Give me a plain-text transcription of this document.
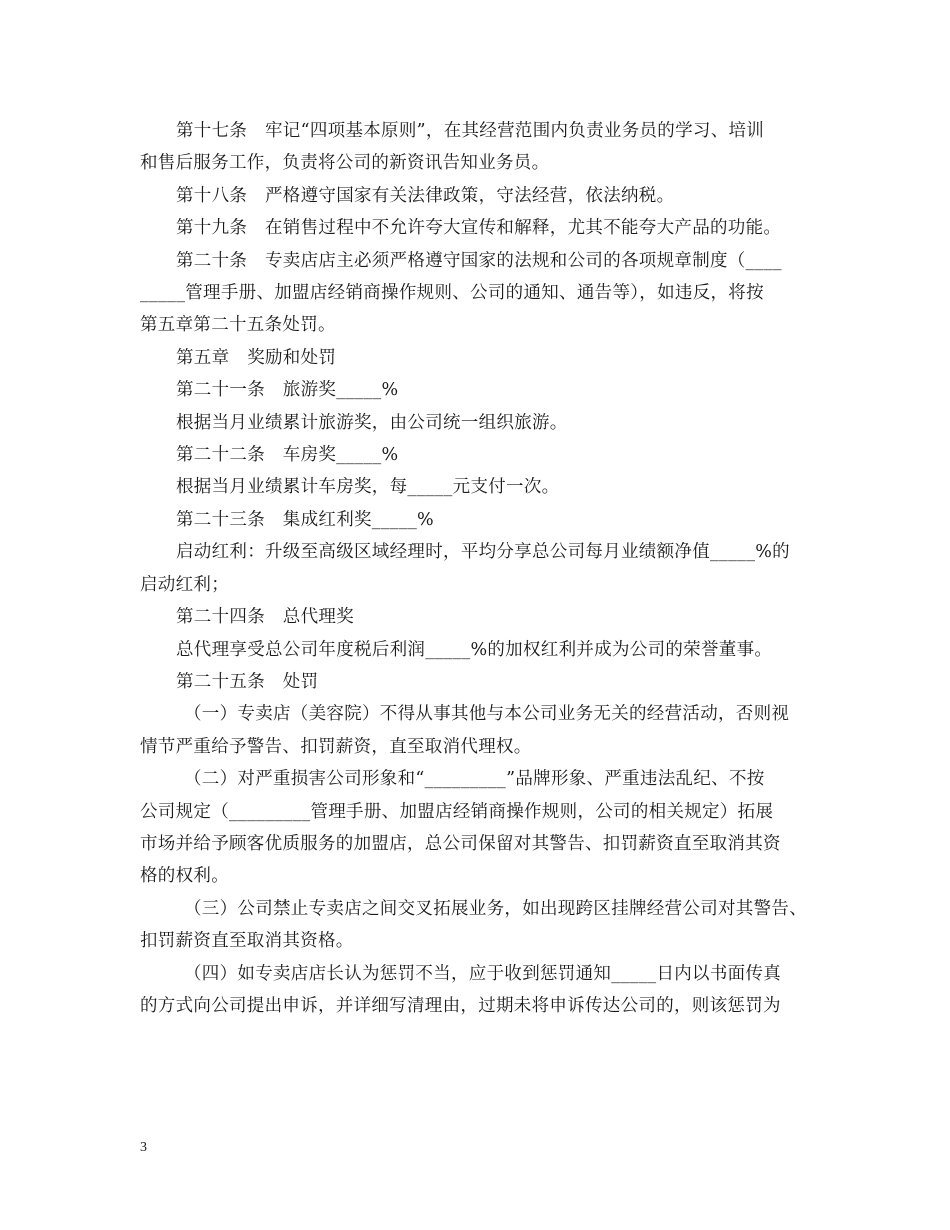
第十七条　牢记“四项基本原则”，在其经营范围内负责业务员的学习、培训

和售后服务工作，负责将公司的新资讯告知业务员。

第十八条　严格遵守国家有关法律政策，守法经营，依法纳税。

第十九条　在销售过程中不允许夸大宣传和解释，尤其不能夸大产品的功能。

第二十条　专卖店店主必须严格遵守国家的法规和公司的各项规章制度（____

_____管理手册、加盟店经销商操作规则、公司的通知、通告等），如违反，将按

第五章第二十五条处罚。

第五章　奖励和处罚

第二十一条　旅游奖_____%

根据当月业绩累计旅游奖，由公司统一组织旅游。

第二十二条　车房奖_____%

根据当月业绩累计车房奖，每_____元支付一次。

第二十三条　集成红利奖_____%

启动红利：升级至高级区域经理时，平均分享总公司每月业绩额净值_____%的

启动红利；

第二十四条　总代理奖

总代理享受总公司年度税后利润_____%的加权红利并成为公司的荣誉董事。

第二十五条　处罚

（一）专卖店（美容院）不得从事其他与本公司业务无关的经营活动，否则视

情节严重给予警告、扣罚薪资，直至取消代理权。

（二）对严重损害公司形象和“_________”品牌形象、严重违法乱纪、不按

公司规定（_________管理手册、加盟店经销商操作规则，公司的相关规定）拓展

市场并给予顾客优质服务的加盟店，总公司保留对其警告、扣罚薪资直至取消其资

格的权利。

（三）公司禁止专卖店之间交叉拓展业务，如出现跨区挂牌经营公司对其警告、

扣罚薪资直至取消其资格。

（四）如专卖店店长认为惩罚不当，应于收到惩罚通知_____日内以书面传真

的方式向公司提出申诉，并详细写清理由，过期未将申诉传达公司的，则该惩罚为

3
